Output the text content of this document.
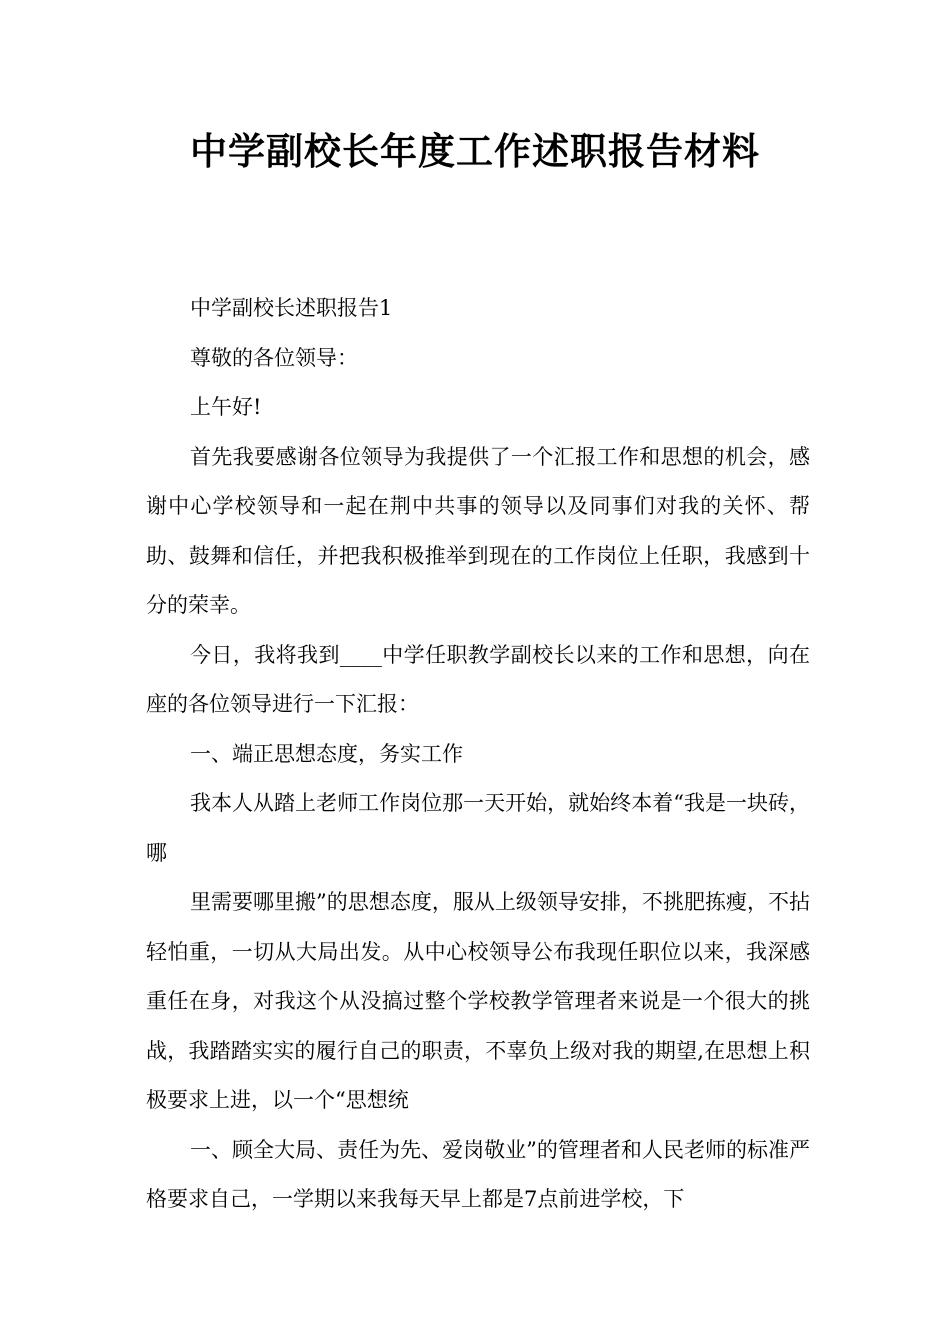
中学副校长年度工作述职报告材料

中学副校长述职报告1

尊敬的各位领导：

上午好!

首先我要感谢各位领导为我提供了一个汇报工作和思想的机会，感谢中心学校领导和一起在荆中共事的领导以及同事们对我的关怀、帮助、鼓舞和信任，并把我积极推举到现在的工作岗位上任职，我感到十分的荣幸。

今日，我将我到____中学任职教学副校长以来的工作和思想，向在座的各位领导进行一下汇报：

一、端正思想态度，务实工作

我本人从踏上老师工作岗位那一天开始，就始终本着“我是一块砖，哪

里需要哪里搬”的思想态度，服从上级领导安排，不挑肥拣瘦，不拈轻怕重，一切从大局出发。从中心校领导公布我现任职位以来，我深感重任在身，对我这个从没搞过整个学校教学管理者来说是一个很大的挑战，我踏踏实实的履行自己的职责，不辜负上级对我的期望,在思想上积极要求上进，以一个“思想统

一、顾全大局、责任为先、爱岗敬业”的管理者和人民老师的标准严格要求自己，一学期以来我每天早上都是7点前进学校，下
